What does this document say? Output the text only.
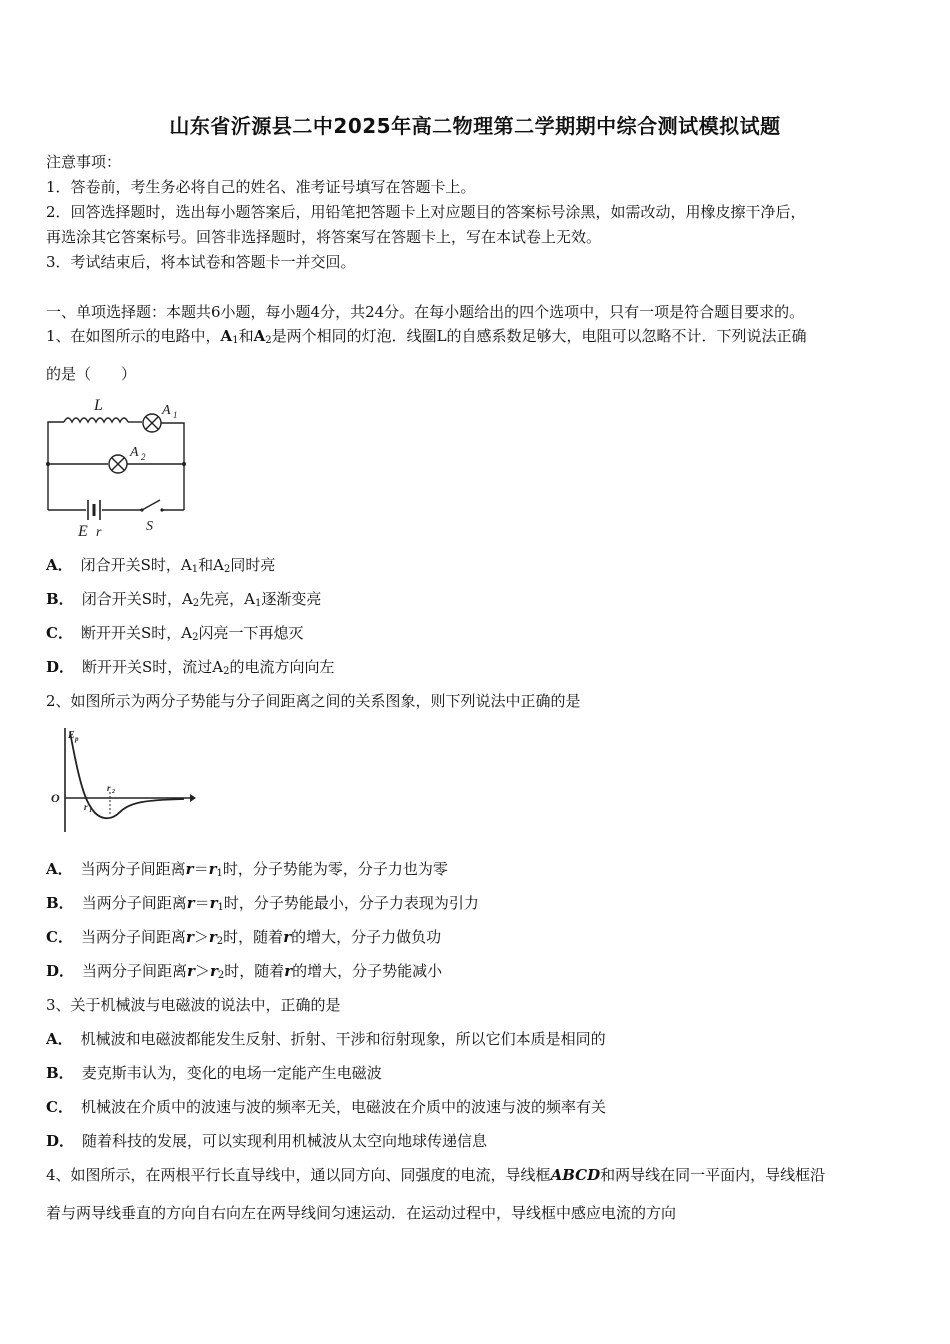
山东省沂源县二中2025年高二物理第二学期期中综合测试模拟试题
注意事项：
1．答卷前，考生务必将自己的姓名、准考证号填写在答题卡上。
2．回答选择题时，选出每小题答案后，用铅笔把答题卡上对应题目的答案标号涂黑，如需改动，用橡皮擦干净后，
再选涂其它答案标号。回答非选择题时，将答案写在答题卡上，写在本试卷上无效。
3．考试结束后，将本试卷和答题卡一并交回。
一、单项选择题：本题共6小题，每小题4分，共24分。在每小题给出的四个选项中，只有一项是符合题目要求的。
1、在如图所示的电路中，$A_1$和$A_2$是两个相同的灯泡．线圈L的自感系数足够大，电阻可以忽略不计．下列说法正确
的是（　　）
L	A 1
A 2
E r	S
A． 闭合开关S时，$A_1$和$A_2$同时亮
B． 闭合开关S时，$A_2$先亮，$A_1$逐渐变亮
C． 断开开关S时，$A_2$闪亮一下再熄灭
D． 断开开关S时，流过$A_2$的电流方向向左
2、如图所示为两分子势能与分子间距离之间的关系图象，则下列说法中正确的是
E p
O
r 1
r 2
A． 当两分子间距离$r=r_1$时，分子势能为零，分子力也为零
B． 当两分子间距离$r=r_1$时，分子势能最小，分子力表现为引力
C． 当两分子间距离$r>r_2$时，随着r的增大，分子力做负功
D． 当两分子间距离$r>r_2$时，随着r的增大，分子势能减小
3、关于机械波与电磁波的说法中，正确的是
A． 机械波和电磁波都能发生反射、折射、干涉和衍射现象，所以它们本质是相同的
B． 麦克斯韦认为，变化的电场一定能产生电磁波
C． 机械波在介质中的波速与波的频率无关，电磁波在介质中的波速与波的频率有关
D． 随着科技的发展，可以实现利用机械波从太空向地球传递信息
4、如图所示，在两根平行长直导线中，通以同方向、同强度的电流，导线框ABCD和两导线在同一平面内，导线框沿
着与两导线垂直的方向自右向左在两导线间匀速运动．在运动过程中，导线框中感应电流的方向
